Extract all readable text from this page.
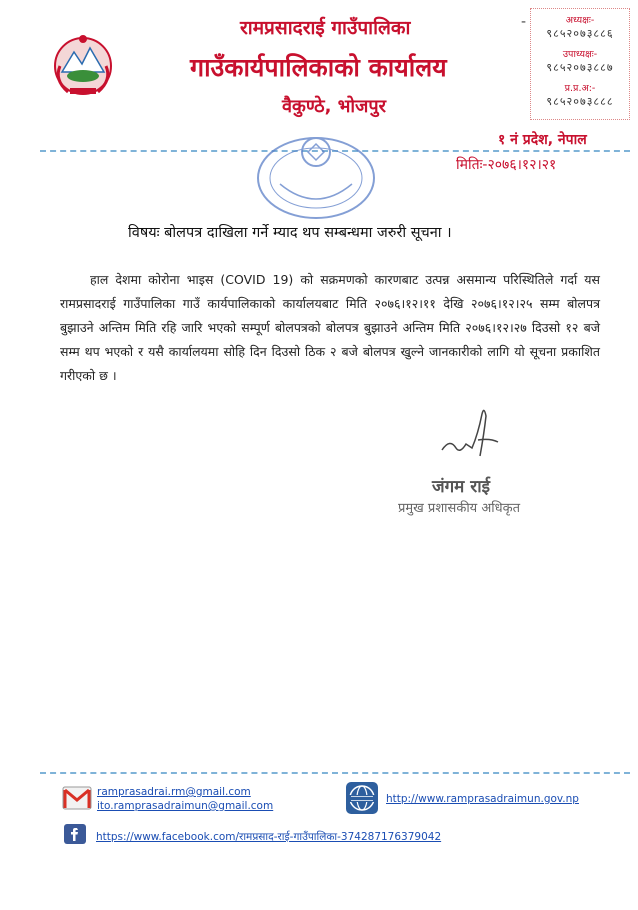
रामप्रसादराई गाउँपालिका
गाउँकार्यपालिकाको कार्यालय
वैकुण्ठे, भोजपुर
-	अध्यक्षः-
९८५२०७३८८६
उपाध्यक्षः-
९८५२०७३८८७
प्र.प्र.अ:-
९८५२०७३८८८
१ नं प्रदेश, नेपाल
मितिः-२०७६।१२।२१
विषयः बोलपत्र दाखिला गर्ने म्याद थप सम्बन्धमा जरुरी सूचना ।
हाल देशमा कोरोना भाइस (COVID 19) को सक्रमणको कारणबाट उत्पन्न असमान्य परिस्थितिले गर्दा यस रामप्रसादराई गाउँपालिका गाउँ कार्यपालिकाको कार्यालयबाट मिति २०७६।१२।११ देखि २०७६।१२।२५ सम्म बोलपत्र बुझाउने अन्तिम मिति रहि जारि भएको सम्पूर्ण बोलपत्रको बोलपत्र बुझाउने अन्तिम मिति २०७६।१२।२७ दिउसो १२ बजे सम्म थप भएको र यसै कार्यालयमा सोहि दिन दिउसो ठिक २ बजे बोलपत्र खुल्ने जानकारीको लागि यो सूचना प्रकाशित गरीएको छ ।
जंगम राई
प्रमुख प्रशासकीय अधिकृत
ramprasadrai.rm@gmail.com
ito.ramprasadraimun@gmail.com
http://www.ramprasadraimun.gov.np
https://www.facebook.com/रामप्रसाद-राई-गाउँपालिका-374287176379042
